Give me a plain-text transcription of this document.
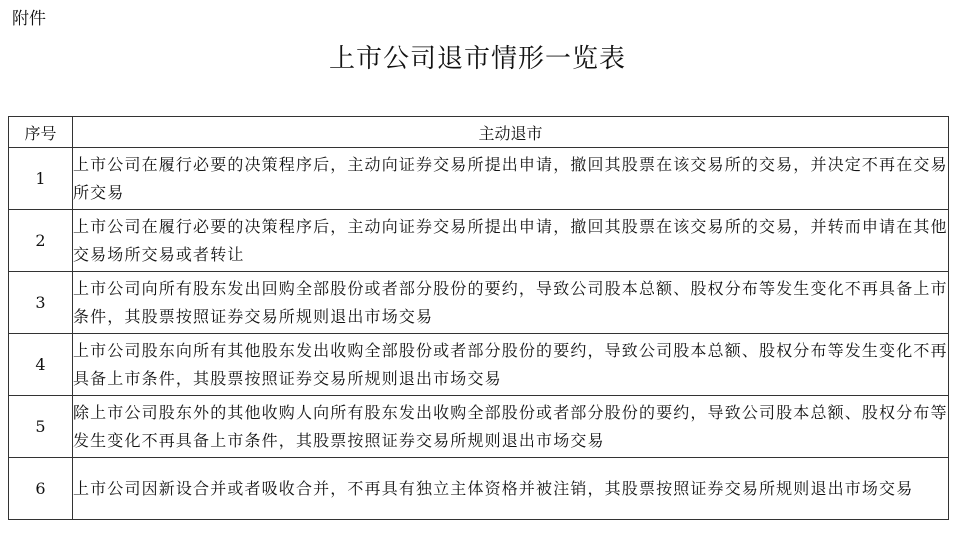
附件
上市公司退市情形一览表
序号	主动退市
1	上市公司在履行必要的决策程序后，主动向证券交易所提出申请，撤回其股票在该交易所的交易，并决定不再在交易所交易
2	上市公司在履行必要的决策程序后，主动向证券交易所提出申请，撤回其股票在该交易所的交易，并转而申请在其他交易场所交易或者转让
3	上市公司向所有股东发出回购全部股份或者部分股份的要约，导致公司股本总额、股权分布等发生变化不再具备上市条件，其股票按照证券交易所规则退出市场交易
4	上市公司股东向所有其他股东发出收购全部股份或者部分股份的要约，导致公司股本总额、股权分布等发生变化不再具备上市条件，其股票按照证券交易所规则退出市场交易
5	除上市公司股东外的其他收购人向所有股东发出收购全部股份或者部分股份的要约，导致公司股本总额、股权分布等发生变化不再具备上市条件，其股票按照证券交易所规则退出市场交易
6	上市公司因新设合并或者吸收合并，不再具有独立主体资格并被注销，其股票按照证券交易所规则退出市场交易
